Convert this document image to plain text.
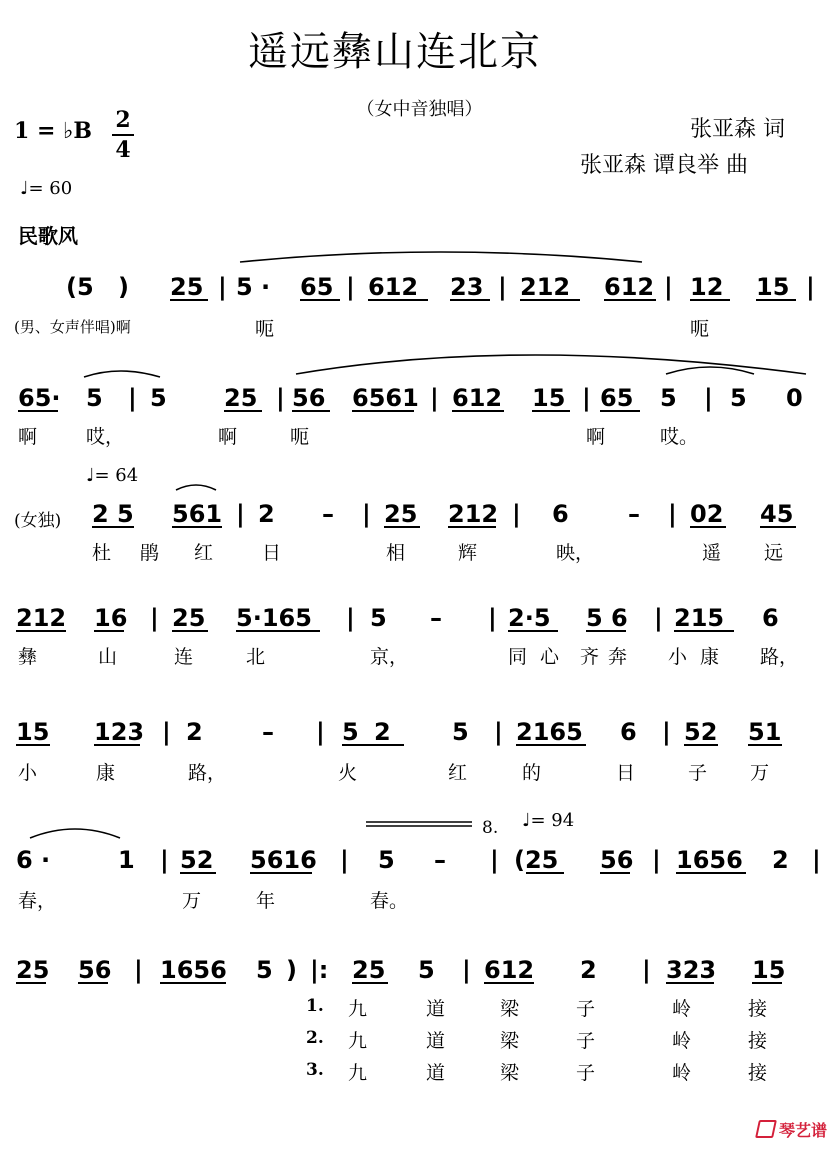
遥远彝山连北京
（女中音独唱）
张亚森 词
张亚森 谭良举 曲
1 = ♭B 2
4
♩= 60
民歌风
(5 ) 25 | 5 · 65 | 612 23 | 212 612 | 12 15 |
(男、女声伴唱)啊	呃	呃
65· 5 | 5 25 | 56 6561 | 612 15 | 65 5 | 5 0
啊	哎，	啊	呃	啊	哎。
♩= 64
(女独) 2 5 561 | 2 – | 25 212 | 6 – | 02 45
杜 鹃 红	日	相	辉	映，	遥 远
212 16 | 25 5·165 | 5 – | 2·5 5 6 | 215 6
彝	山	连	北	京，	同 心 齐 奔 小 康 路，
15 123 | 2 – | 5 2	5 | 2165 6 | 52 51
小	康	路，	火	红	的	日	子 万
8. ♩= 94
6 ·	1 | 52 5616 | 5 – | (25 56 | 1656 2 |
春，	万	年	春。
25 56 | 1656 5 ) |: 25 5 | 612 2 | 323 15
1. 九	道	梁	子	岭	接
2. 九	道	梁	子	岭	接
3. 九	道	梁	子	岭	接
琴艺谱
